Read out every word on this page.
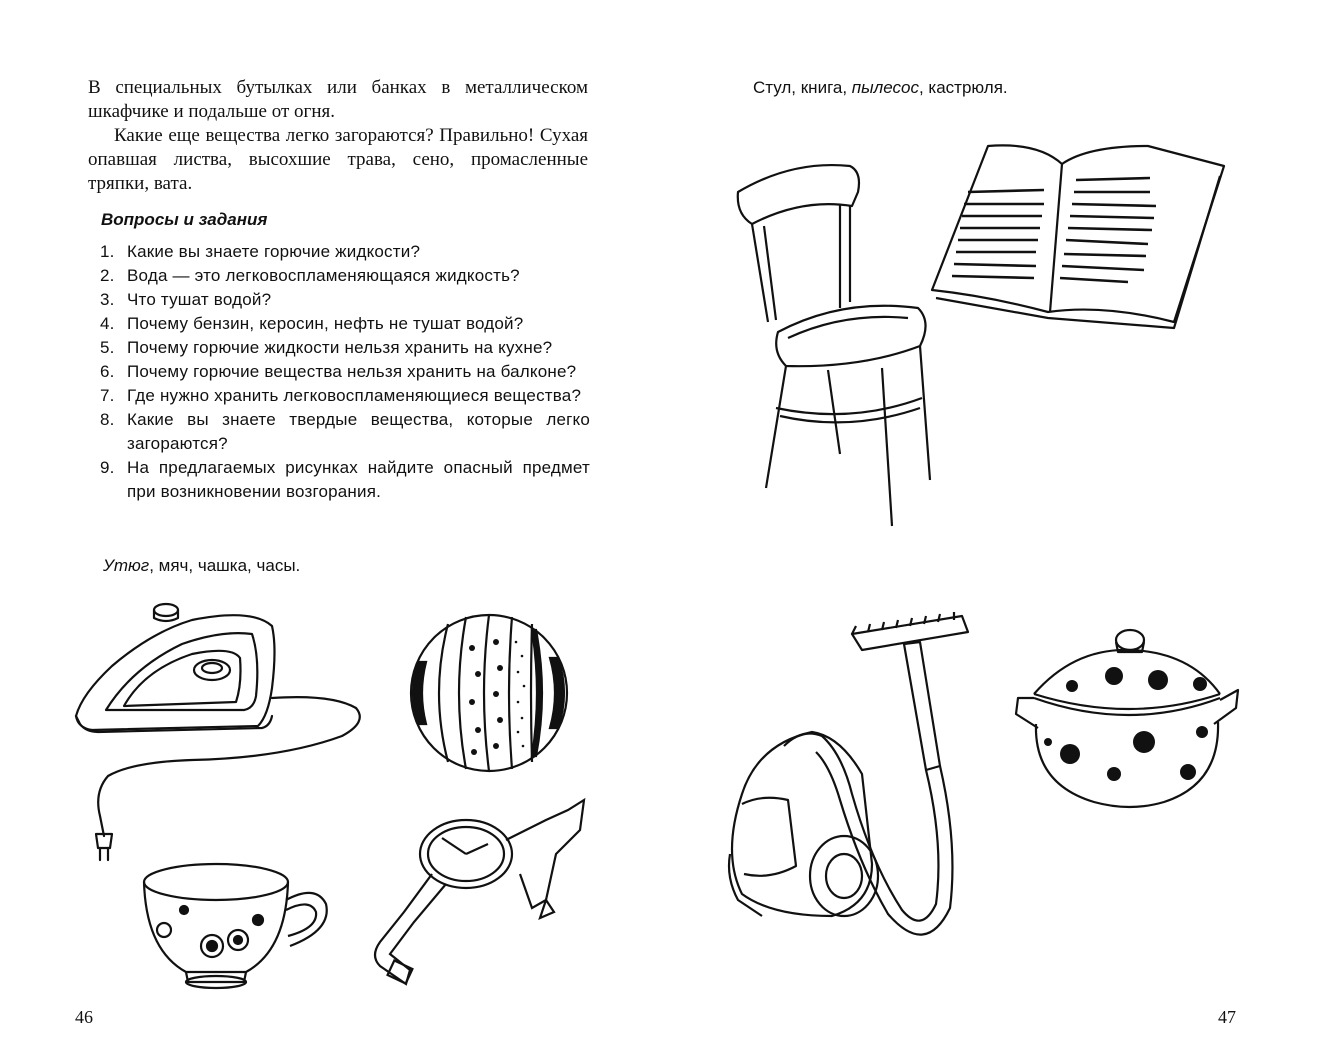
В специальных бутылках или банках в металлическом шкафчике и подальше от огня.
Какие еще вещества легко загораются? Правильно! Сухая опавшая листва, высохшие трава, сено, промасленные тряпки, вата.
Вопросы и задания
1. Какие вы знаете горючие жидкости?
2. Вода — это легковоспламеняющаяся жидкость?
3. Что тушат водой?
4. Почему бензин, керосин, нефть не тушат водой?
5. Почему горючие жидкости нельзя хранить на кухне?
6. Почему горючие вещества нельзя хранить на балконе?
7. Где нужно хранить легковоспламеняющиеся вещества?
8. Какие вы знаете твердые вещества, которые легко загораются?
9. На предлагаемых рисунках найдите опасный предмет при возникновении возгорания.
Утюг, мяч, чашка, часы.
46	47
Стул, книга, пылесос, кастрюля.
